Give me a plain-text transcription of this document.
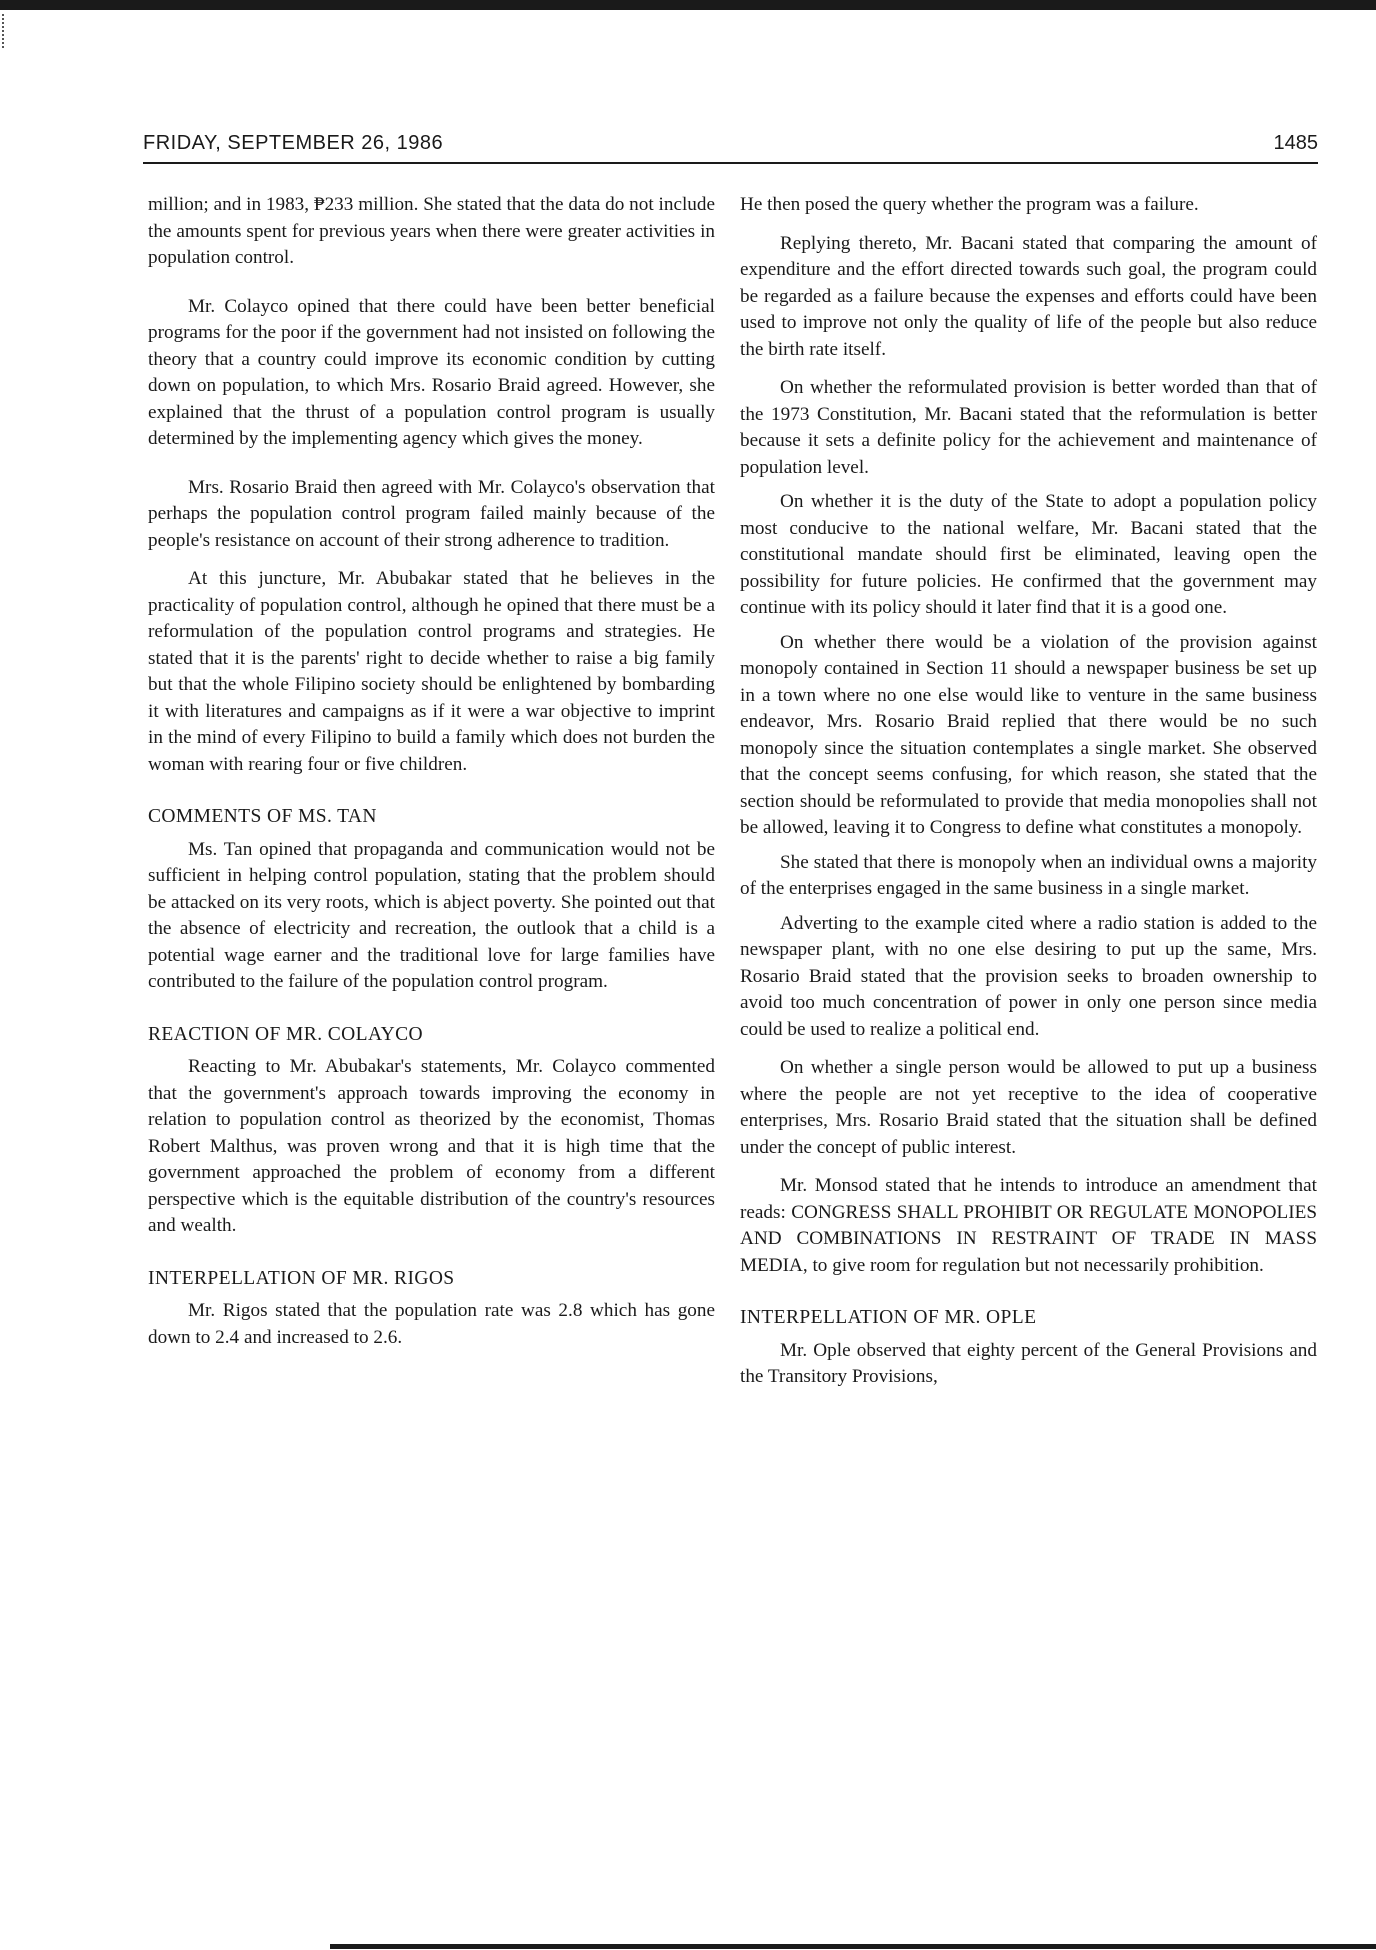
FRIDAY, SEPTEMBER 26, 1986	1485

million; and in 1983, ₱233 million. She stated that the data do not include the amounts spent for previous years when there were greater activities in population control.

Mr. Colayco opined that there could have been better beneficial programs for the poor if the government had not insisted on following the theory that a country could improve its economic condition by cutting down on population, to which Mrs. Rosario Braid agreed. However, she explained that the thrust of a population control program is usually determined by the implementing agency which gives the money.

Mrs. Rosario Braid then agreed with Mr. Colayco's observation that perhaps the population control program failed mainly because of the people's resistance on account of their strong adherence to tradition.

At this juncture, Mr. Abubakar stated that he believes in the practicality of population control, although he opined that there must be a reformulation of the population control programs and strategies. He stated that it is the parents' right to decide whether to raise a big family but that the whole Filipino society should be enlightened by bombarding it with literatures and campaigns as if it were a war objective to imprint in the mind of every Filipino to build a family which does not burden the woman with rearing four or five children.

COMMENTS OF MS. TAN

Ms. Tan opined that propaganda and communication would not be sufficient in helping control population, stating that the problem should be attacked on its very roots, which is abject poverty. She pointed out that the absence of electricity and recreation, the outlook that a child is a potential wage earner and the traditional love for large families have contributed to the failure of the population control program.

REACTION OF MR. COLAYCO

Reacting to Mr. Abubakar's statements, Mr. Colayco commented that the government's approach towards improving the economy in relation to population control as theorized by the economist, Thomas Robert Malthus, was proven wrong and that it is high time that the government approached the problem of economy from a different perspective which is the equitable distribution of the country's resources and wealth.

INTERPELLATION OF MR. RIGOS

Mr. Rigos stated that the population rate was 2.8 which has gone down to 2.4 and increased to 2.6.

He then posed the query whether the program was a failure.

Replying thereto, Mr. Bacani stated that comparing the amount of expenditure and the effort directed towards such goal, the program could be regarded as a failure because the expenses and efforts could have been used to improve not only the quality of life of the people but also reduce the birth rate itself.

On whether the reformulated provision is better worded than that of the 1973 Constitution, Mr. Bacani stated that the reformulation is better because it sets a definite policy for the achievement and maintenance of population level.

On whether it is the duty of the State to adopt a population policy most conducive to the national welfare, Mr. Bacani stated that the constitutional mandate should first be eliminated, leaving open the possibility for future policies. He confirmed that the government may continue with its policy should it later find that it is a good one.

On whether there would be a violation of the provision against monopoly contained in Section 11 should a newspaper business be set up in a town where no one else would like to venture in the same business endeavor, Mrs. Rosario Braid replied that there would be no such monopoly since the situation contemplates a single market. She observed that the concept seems confusing, for which reason, she stated that the section should be reformulated to provide that media monopolies shall not be allowed, leaving it to Congress to define what constitutes a monopoly.

She stated that there is monopoly when an individual owns a majority of the enterprises engaged in the same business in a single market.

Adverting to the example cited where a radio station is added to the newspaper plant, with no one else desiring to put up the same, Mrs. Rosario Braid stated that the provision seeks to broaden ownership to avoid too much concentration of power in only one person since media could be used to realize a political end.

On whether a single person would be allowed to put up a business where the people are not yet receptive to the idea of cooperative enterprises, Mrs. Rosario Braid stated that the situation shall be defined under the concept of public interest.

Mr. Monsod stated that he intends to introduce an amendment that reads: CONGRESS SHALL PROHIBIT OR REGULATE MONOPOLIES AND COMBINATIONS IN RESTRAINT OF TRADE IN MASS MEDIA, to give room for regulation but not necessarily prohibition.

INTERPELLATION OF MR. OPLE

Mr. Ople observed that eighty percent of the General Provisions and the Transitory Provisions,
